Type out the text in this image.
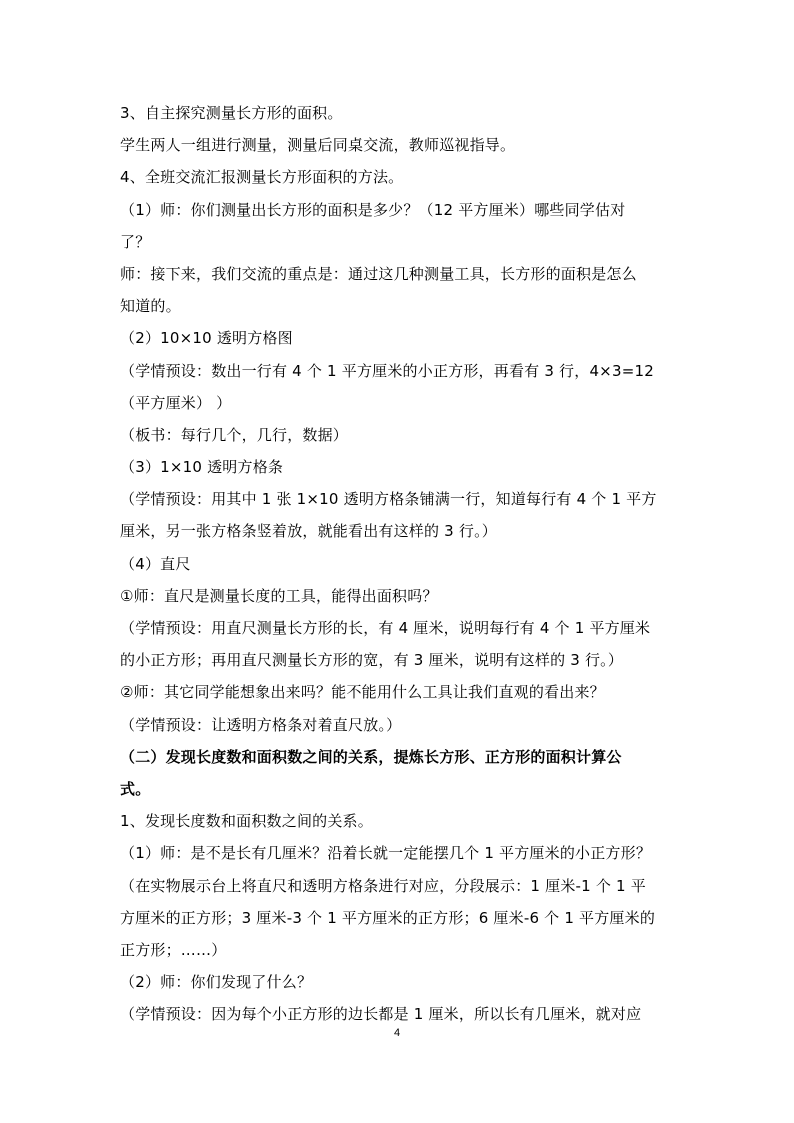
3、自主探究测量长方形的面积。
学生两人一组进行测量，测量后同桌交流，教师巡视指导。
4、全班交流汇报测量长方形面积的方法。
（1）师：你们测量出长方形的面积是多少？（12 平方厘米）哪些同学估对
了？
师：接下来，我们交流的重点是：通过这几种测量工具，长方形的面积是怎么
知道的。
（2）10×10 透明方格图
（学情预设：数出一行有 4 个 1 平方厘米的小正方形，再看有 3 行，4×3=12
（平方厘米） ）
（板书：每行几个，几行，数据）
（3）1×10 透明方格条
（学情预设：用其中 1 张 1×10 透明方格条铺满一行，知道每行有 4 个 1 平方
厘米，另一张方格条竖着放，就能看出有这样的 3 行。）
（4）直尺
①师：直尺是测量长度的工具，能得出面积吗？
（学情预设：用直尺测量长方形的长，有 4 厘米，说明每行有 4 个 1 平方厘米
的小正方形；再用直尺测量长方形的宽，有 3 厘米，说明有这样的 3 行。）
②师：其它同学能想象出来吗？能不能用什么工具让我们直观的看出来？
（学情预设：让透明方格条对着直尺放。）
（二）发现长度数和面积数之间的关系，提炼长方形、正方形的面积计算公
式。
1、发现长度数和面积数之间的关系。
（1）师：是不是长有几厘米？沿着长就一定能摆几个 1 平方厘米的小正方形？
（在实物展示台上将直尺和透明方格条进行对应，分段展示：1 厘米-1 个 1 平
方厘米的正方形；3 厘米-3 个 1 平方厘米的正方形；6 厘米-6 个 1 平方厘米的
正方形；……）
（2）师：你们发现了什么？
（学情预设：因为每个小正方形的边长都是 1 厘米，所以长有几厘米，就对应
4
